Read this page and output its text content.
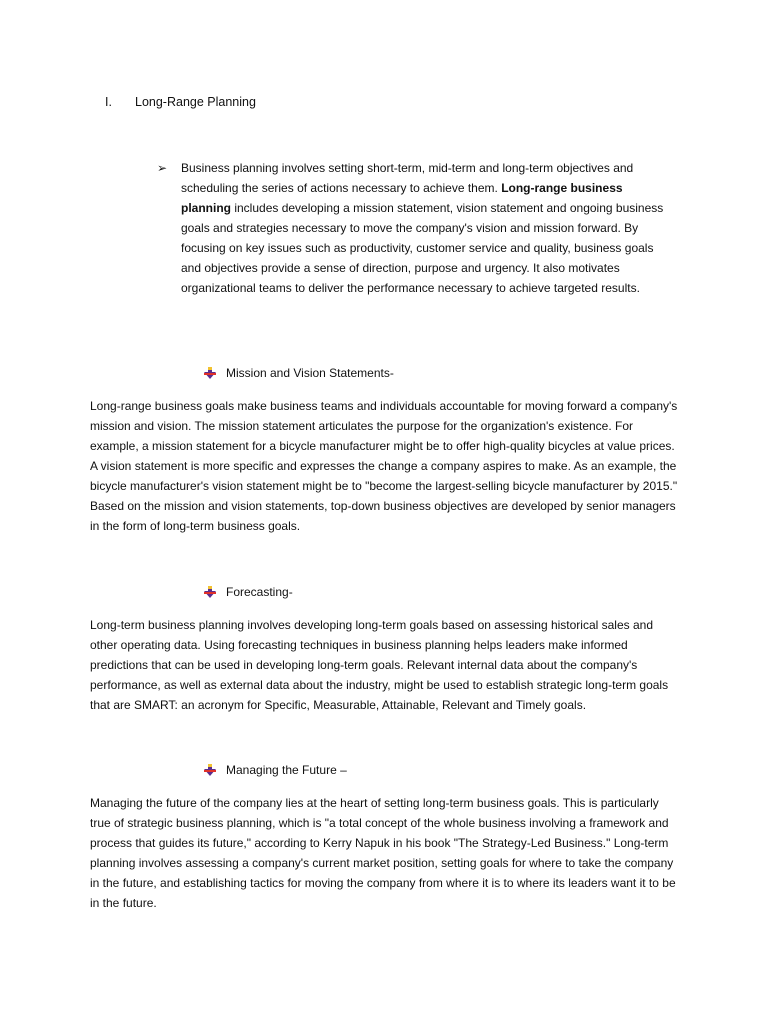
I. Long-Range Planning
➢	Business planning involves setting short-term, mid-term and long-term objectives and scheduling the series of actions necessary to achieve them. Long-range business planning includes developing a mission statement, vision statement and ongoing business goals and strategies necessary to move the company's vision and mission forward. By focusing on key issues such as productivity, customer service and quality, business goals and objectives provide a sense of direction, purpose and urgency. It also motivates organizational teams to deliver the performance necessary to achieve targeted results.
Mission and Vision Statements-
Long-range business goals make business teams and individuals accountable for moving forward a company's mission and vision. The mission statement articulates the purpose for the organization's existence. For example, a mission statement for a bicycle manufacturer might be to offer high-quality bicycles at value prices. A vision statement is more specific and expresses the change a company aspires to make. As an example, the bicycle manufacturer's vision statement might be to "become the largest-selling bicycle manufacturer by 2015." Based on the mission and vision statements, top-down business objectives are developed by senior managers in the form of long-term business goals.
Forecasting-
Long-term business planning involves developing long-term goals based on assessing historical sales and other operating data. Using forecasting techniques in business planning helps leaders make informed predictions that can be used in developing long-term goals. Relevant internal data about the company's performance, as well as external data about the industry, might be used to establish strategic long-term goals that are SMART: an acronym for Specific, Measurable, Attainable, Relevant and Timely goals.
Managing the Future –
Managing the future of the company lies at the heart of setting long-term business goals. This is particularly true of strategic business planning, which is "a total concept of the whole business involving a framework and process that guides its future," according to Kerry Napuk in his book "The Strategy-Led Business." Long-term planning involves assessing a company's current market position, setting goals for where to take the company in the future, and establishing tactics for moving the company from where it is to where its leaders want it to be in the future.
